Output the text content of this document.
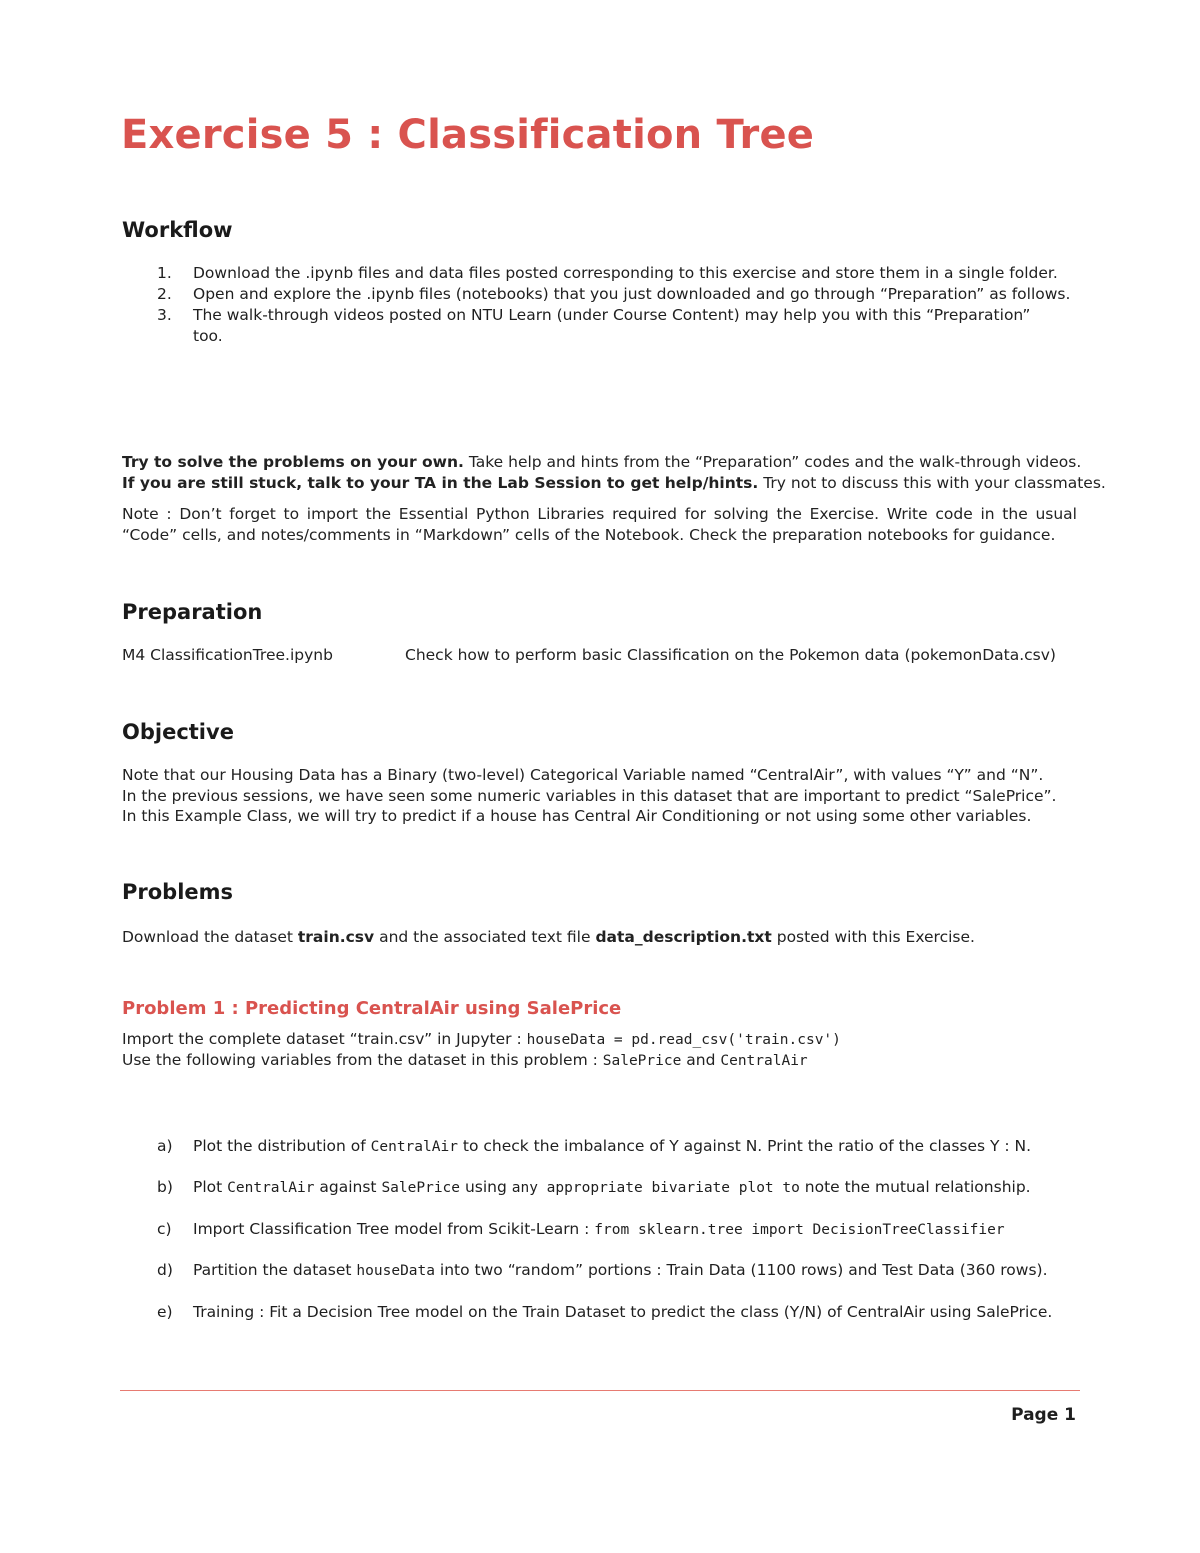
Exercise 5 : Classification Tree
Workflow
1. Download the .ipynb files and data files posted corresponding to this exercise and store them in a single folder.
2. Open and explore the .ipynb files (notebooks) that you just downloaded and go through “Preparation” as follows.
3. The walk-through videos posted on NTU Learn (under Course Content) may help you with this “Preparation” too.
Try to solve the problems on your own. Take help and hints from the “Preparation” codes and the walk-through videos.
If you are still stuck, talk to your TA in the Lab Session to get help/hints. Try not to discuss this with your classmates.
Note : Don’t forget to import the Essential Python Libraries required for solving the Exercise. Write code in the usual “Code” cells, and notes/comments in “Markdown” cells of the Notebook. Check the preparation notebooks for guidance.
Preparation
M4 ClassificationTree.ipynb	Check how to perform basic Classification on the Pokemon data (pokemonData.csv)
Objective
Note that our Housing Data has a Binary (two-level) Categorical Variable named “CentralAir”, with values “Y” and “N”.
In the previous sessions, we have seen some numeric variables in this dataset that are important to predict “SalePrice”.
In this Example Class, we will try to predict if a house has Central Air Conditioning or not using some other variables.
Problems
Download the dataset train.csv and the associated text file data_description.txt posted with this Exercise.
Problem 1 : Predicting CentralAir using SalePrice
Import the complete dataset “train.csv” in Jupyter : houseData = pd.read_csv('train.csv')
Use the following variables from the dataset in this problem : SalePrice and CentralAir
a) Plot the distribution of CentralAir to check the imbalance of Y against N. Print the ratio of the classes Y : N.
b) Plot CentralAir against SalePrice using any appropriate bivariate plot to note the mutual relationship.
c) Import Classification Tree model from Scikit-Learn : from sklearn.tree import DecisionTreeClassifier
d) Partition the dataset houseData into two “random” portions : Train Data (1100 rows) and Test Data (360 rows).
e) Training : Fit a Decision Tree model on the Train Dataset to predict the class (Y/N) of CentralAir using SalePrice.
Page 1
